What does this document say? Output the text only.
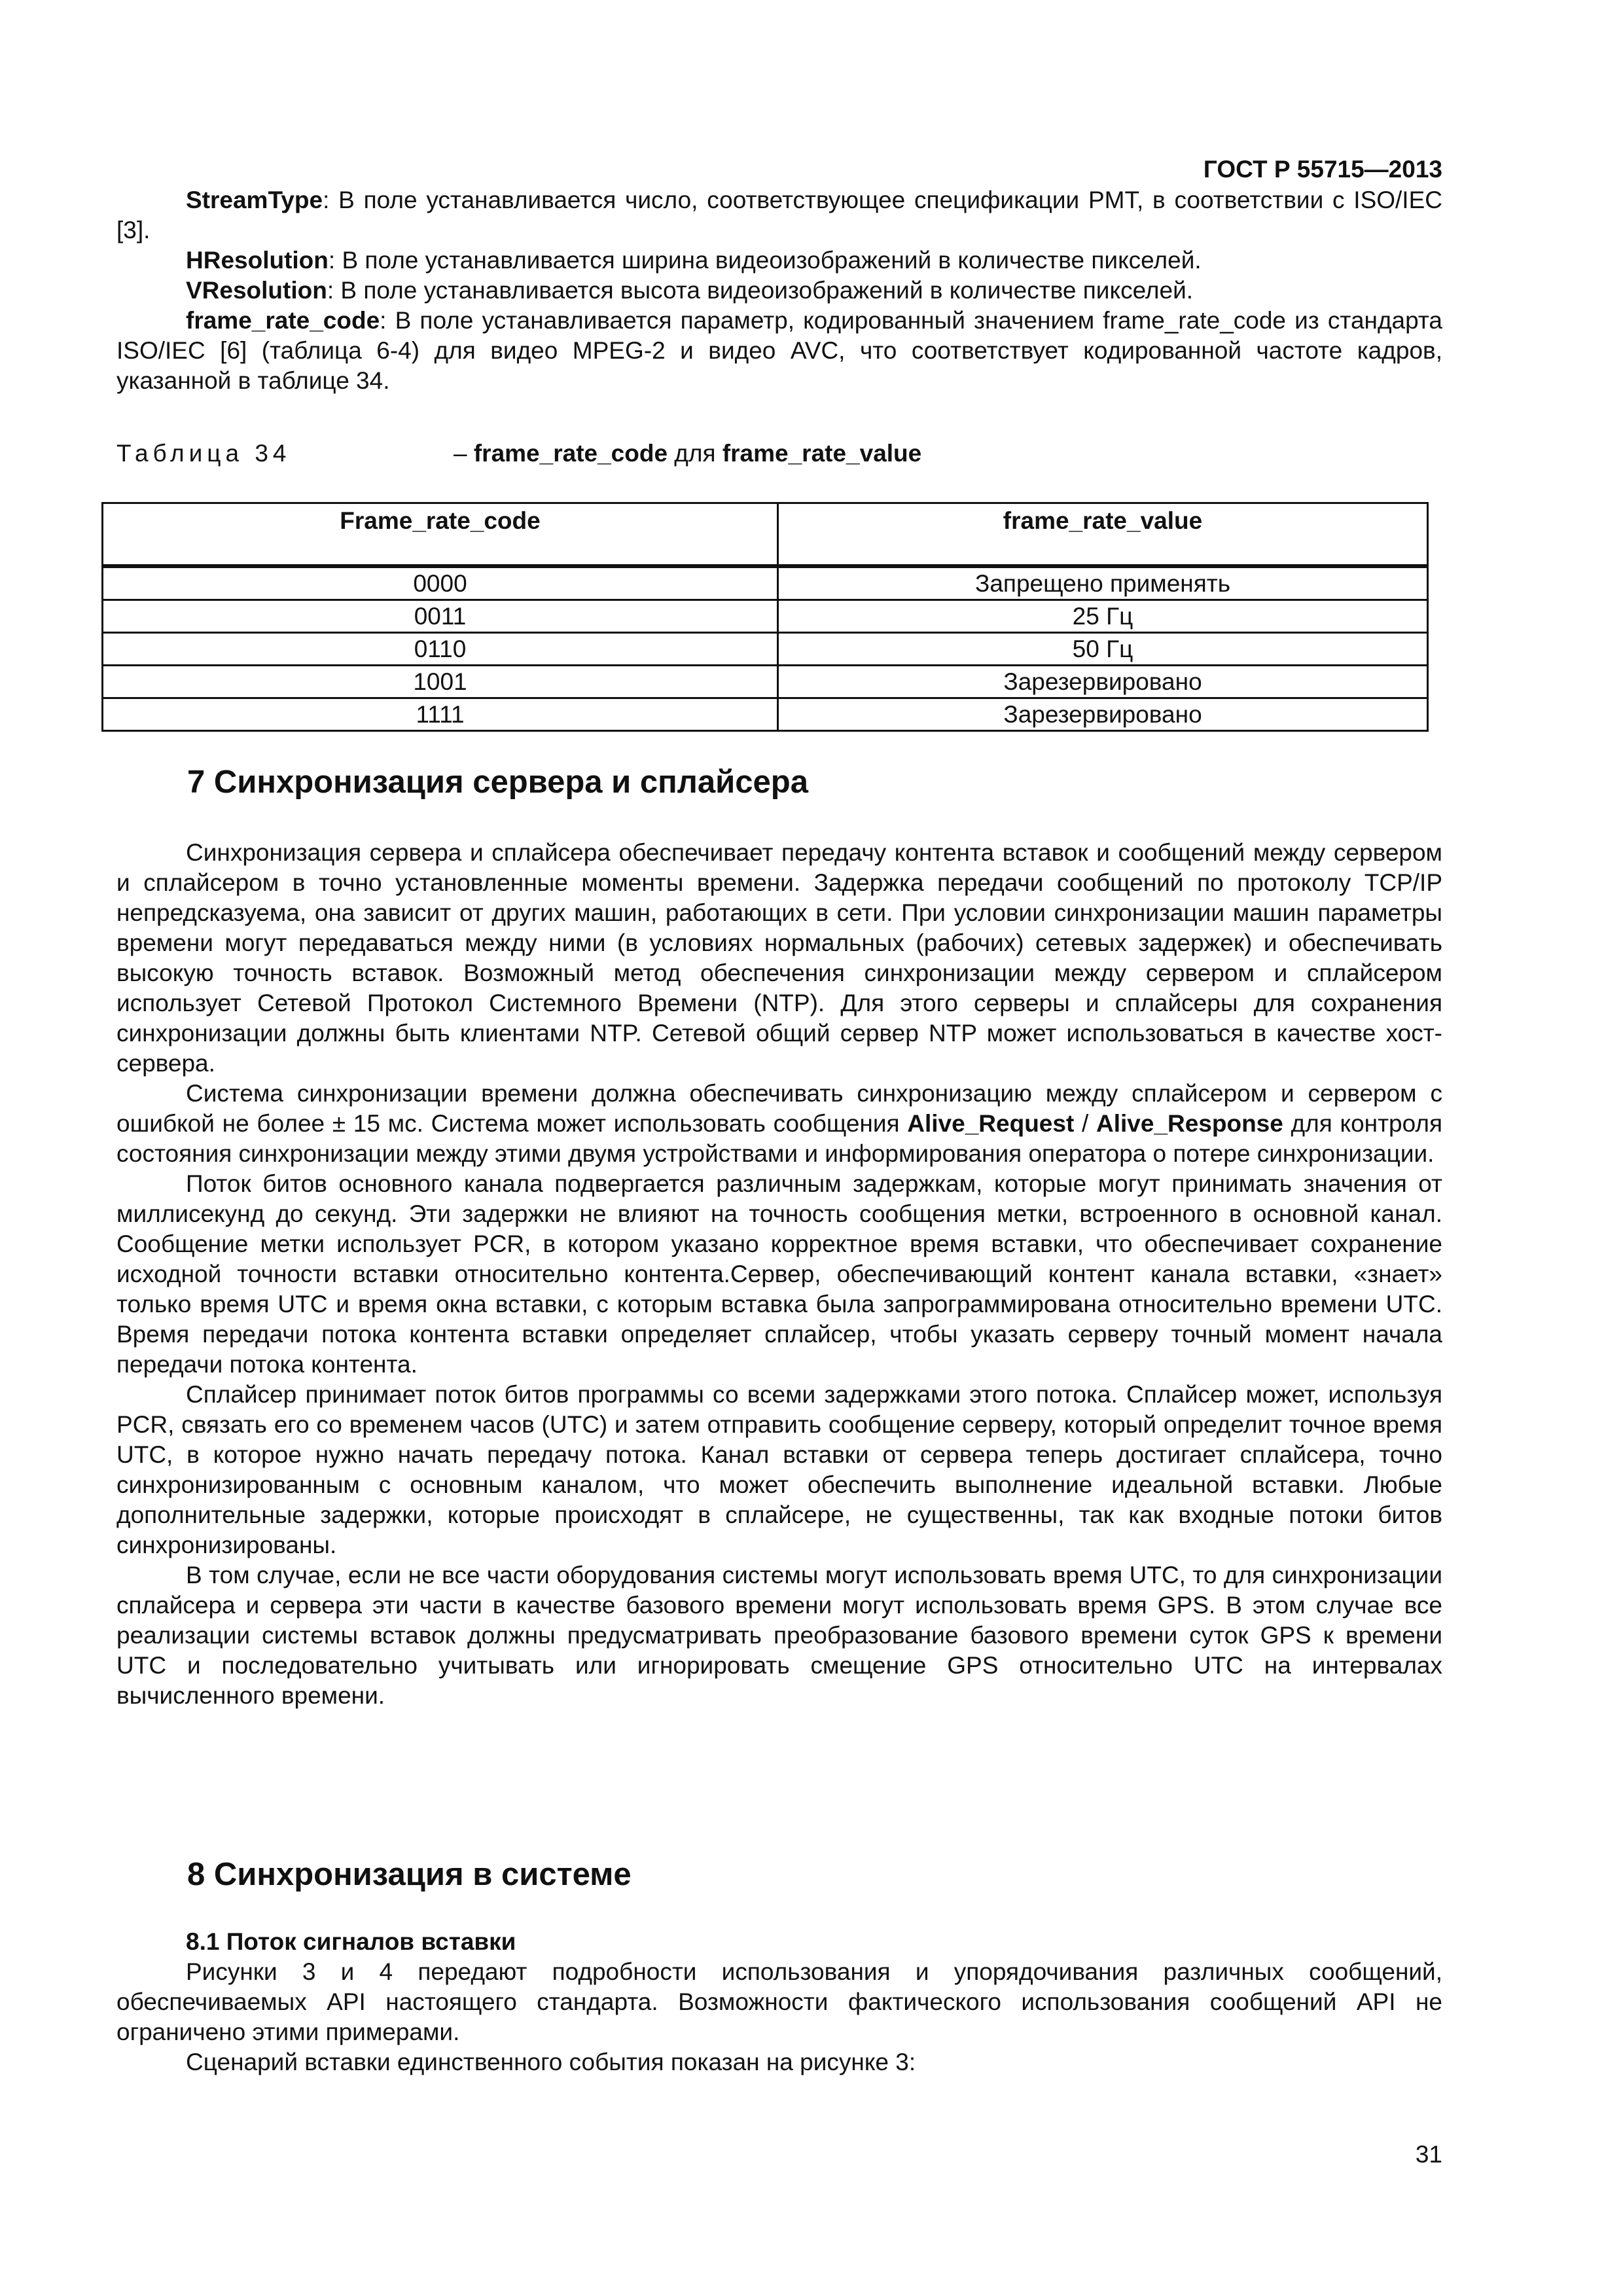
ГОСТ Р 55715—2013

StreamType: В поле устанавливается число, соответствующее спецификации PMT, в соответствии с ISO/IEC [3].

HResolution: В поле устанавливается ширина видеоизображений в количестве пикселей.

VResolution: В поле устанавливается высота видеоизображений в количестве пикселей.

frame_rate_code: В поле устанавливается параметр, кодированный значением frame_rate_code из стандарта ISO/IEC [6] (таблица 6-4) для видео MPEG-2 и видео AVC, что соответствует кодированной частоте кадров, указанной в таблице 34.

Таблица 34	– frame_rate_code для frame_rate_value
Frame_rate_code	frame_rate_value
0000	Запрещено применять
0011	25 Гц
0110	50 Гц
1001	Зарезервировано
1111	Зарезервировано
7 Синхронизация сервера и сплайсера

Синхронизация сервера и сплайсера обеспечивает передачу контента вставок и сообщений между сервером и сплайсером в точно установленные моменты времени. Задержка передачи сообщений по протоколу TCP/IP непредсказуема, она зависит от других машин, работающих в сети. При условии синхронизации машин параметры времени могут передаваться между ними (в условиях нормальных (рабочих) сетевых задержек) и обеспечивать высокую точность вставок. Возможный метод обеспечения синхронизации между сервером и сплайсером использует Сетевой Протокол Системного Времени (NTP). Для этого серверы и сплайсеры для сохранения синхронизации должны быть клиентами NTP. Сетевой общий сервер NTP может использоваться в качестве хост-сервера.

Система синхронизации времени должна обеспечивать синхронизацию между сплайсером и сервером с ошибкой не более ± 15 мс. Система может использовать сообщения Alive_Request / Alive_Response для контроля состояния синхронизации между этими двумя устройствами и информирования оператора о потере синхронизации.

Поток битов основного канала подвергается различным задержкам, которые могут принимать значения от миллисекунд до секунд. Эти задержки не влияют на точность сообщения метки, встроенного в основной канал. Сообщение метки использует PCR, в котором указано корректное время вставки, что обеспечивает сохранение исходной точности вставки относительно контента.Сервер, обеспечивающий контент канала вставки, «знает» только время UTC и время окна вставки, с которым вставка была запрограммирована относительно времени UTC. Время передачи потока контента вставки определяет сплайсер, чтобы указать серверу точный момент начала передачи потока контента.

Сплайсер принимает поток битов программы со всеми задержками этого потока. Сплайсер может, используя PCR, связать его со временем часов (UTC) и затем отправить сообщение серверу, который определит точное время UTC, в которое нужно начать передачу потока. Канал вставки от сервера теперь достигает сплайсера, точно синхронизированным с основным каналом, что может обеспечить выполнение идеальной вставки. Любые дополнительные задержки, которые происходят в сплайсере, не существенны, так как входные потоки битов синхронизированы.

В том случае, если не все части оборудования системы могут использовать время UTC, то для синхронизации сплайсера и сервера эти части в качестве базового времени могут использовать время GPS. В этом случае все реализации системы вставок должны предусматривать преобразование базового времени суток GPS к времени UTC и последовательно учитывать или игнорировать смещение GPS относительно UTC на интервалах вычисленного времени.

8 Синхронизация в системе

8.1 Поток сигналов вставки

Рисунки 3 и 4 передают подробности использования и упорядочивания различных сообщений, обеспечиваемых API настоящего стандарта. Возможности фактического использования сообщений API не ограничено этими примерами.

Сценарий вставки единственного события показан на рисунке 3:

31
